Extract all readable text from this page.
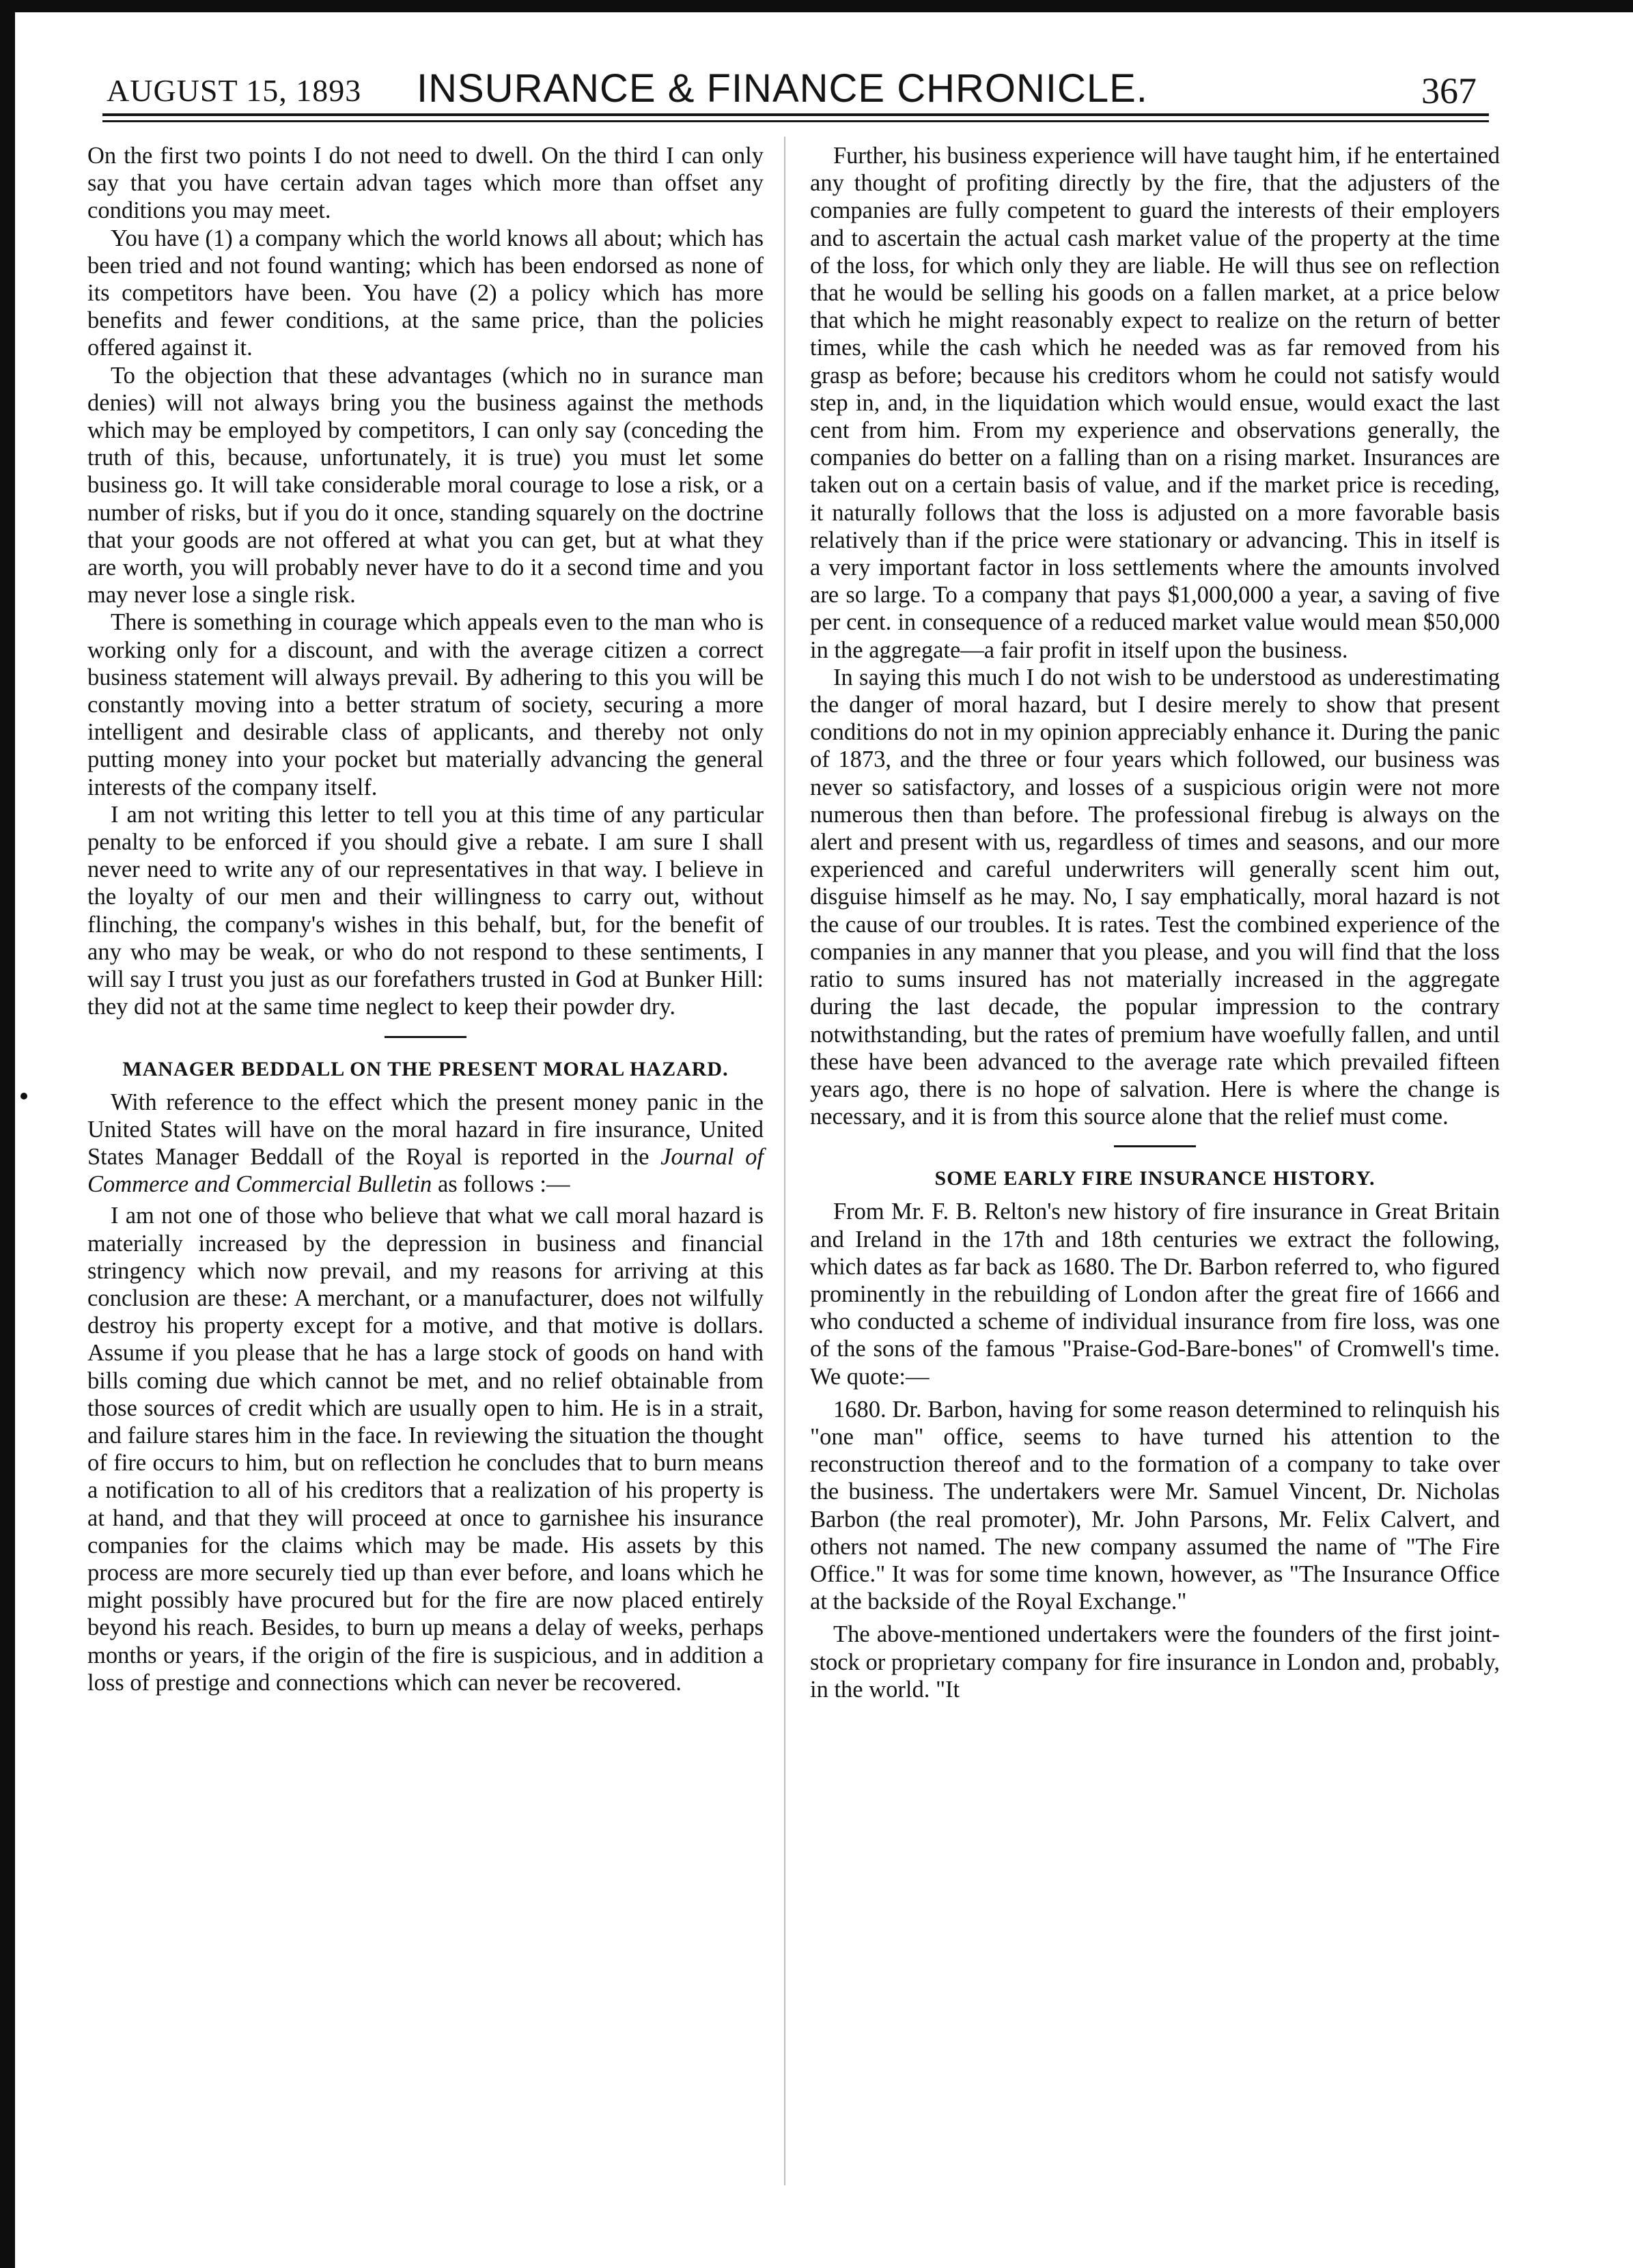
AUGUST 15, 1893 INSURANCE & FINANCE CHRONICLE.	367

On the first two points I do not need to dwell. On the third I can only say that you have certain advan tages which more than offset any conditions you may meet.

You have (1) a company which the world knows all about; which has been tried and not found wanting; which has been endorsed as none of its competitors have been. You have (2) a policy which has more benefits and fewer conditions, at the same price, than the policies offered against it.

To the objection that these advantages (which no in surance man denies) will not always bring you the business against the methods which may be employed by competitors, I can only say (conceding the truth of this, because, unfortunately, it is true) you must let some business go. It will take considerable moral courage to lose a risk, or a number of risks, but if you do it once, standing squarely on the doctrine that your goods are not offered at what you can get, but at what they are worth, you will probably never have to do it a second time and you may never lose a single risk.

There is something in courage which appeals even to the man who is working only for a discount, and with the average citizen a correct business statement will always prevail. By adhering to this you will be constantly moving into a better stratum of society, securing a more intelligent and desirable class of applicants, and thereby not only putting money into your pocket but materially advancing the general interests of the company itself.

I am not writing this letter to tell you at this time of any particular penalty to be enforced if you should give a rebate. I am sure I shall never need to write any of our representatives in that way. I believe in the loyalty of our men and their willingness to carry out, without flinching, the company's wishes in this behalf, but, for the benefit of any who may be weak, or who do not respond to these sentiments, I will say I trust you just as our forefathers trusted in God at Bunker Hill: they did not at the same time neglect to keep their powder dry.

MANAGER BEDDALL ON THE PRESENT MORAL HAZARD.

With reference to the effect which the present money panic in the United States will have on the moral hazard in fire insurance, United States Manager Beddall of the Royal is reported in the Journal of Commerce and Commercial Bulletin as follows :—

I am not one of those who believe that what we call moral hazard is materially increased by the depression in business and financial stringency which now prevail, and my reasons for arriving at this conclusion are these: A merchant, or a manufacturer, does not wilfully destroy his property except for a motive, and that motive is dollars. Assume if you please that he has a large stock of goods on hand with bills coming due which cannot be met, and no relief obtainable from those sources of credit which are usually open to him. He is in a strait, and failure stares him in the face. In reviewing the situation the thought of fire occurs to him, but on reflection he concludes that to burn means a notification to all of his creditors that a realization of his property is at hand, and that they will proceed at once to garnishee his insurance companies for the claims which may be made. His assets by this process are more securely tied up than ever before, and loans which he might possibly have procured but for the fire are now placed entirely beyond his reach. Besides, to burn up means a delay of weeks, perhaps months or years, if the origin of the fire is suspicious, and in addition a loss of prestige and connections which can never be recovered.

Further, his business experience will have taught him, if he entertained any thought of profiting directly by the fire, that the adjusters of the companies are fully competent to guard the interests of their employers and to ascertain the actual cash market value of the property at the time of the loss, for which only they are liable. He will thus see on reflection that he would be selling his goods on a fallen market, at a price below that which he might reasonably expect to realize on the return of better times, while the cash which he needed was as far removed from his grasp as before; because his creditors whom he could not satisfy would step in, and, in the liquidation which would ensue, would exact the last cent from him. From my experience and observations generally, the companies do better on a falling than on a rising market. Insurances are taken out on a certain basis of value, and if the market price is receding, it naturally follows that the loss is adjusted on a more favorable basis relatively than if the price were stationary or advancing. This in itself is a very important factor in loss settlements where the amounts involved are so large. To a company that pays $1,000,000 a year, a saving of five per cent. in consequence of a reduced market value would mean $50,000 in the aggregate—a fair profit in itself upon the business.

In saying this much I do not wish to be understood as underestimating the danger of moral hazard, but I desire merely to show that present conditions do not in my opinion appreciably enhance it. During the panic of 1873, and the three or four years which followed, our business was never so satisfactory, and losses of a suspicious origin were not more numerous then than before. The professional firebug is always on the alert and present with us, regardless of times and seasons, and our more experienced and careful underwriters will generally scent him out, disguise himself as he may. No, I say emphatically, moral hazard is not the cause of our troubles. It is rates. Test the combined experience of the companies in any manner that you please, and you will find that the loss ratio to sums insured has not materially increased in the aggregate during the last decade, the popular impression to the contrary notwithstanding, but the rates of premium have woefully fallen, and until these have been advanced to the average rate which prevailed fifteen years ago, there is no hope of salvation. Here is where the change is necessary, and it is from this source alone that the relief must come.

SOME EARLY FIRE INSURANCE HISTORY.

From Mr. F. B. Relton's new history of fire insurance in Great Britain and Ireland in the 17th and 18th centuries we extract the following, which dates as far back as 1680. The Dr. Barbon referred to, who figured prominently in the rebuilding of London after the great fire of 1666 and who conducted a scheme of individual insurance from fire loss, was one of the sons of the famous "Praise-God-Bare-bones" of Cromwell's time. We quote:—

1680. Dr. Barbon, having for some reason determined to relinquish his "one man" office, seems to have turned his attention to the reconstruction thereof and to the formation of a company to take over the business. The undertakers were Mr. Samuel Vincent, Dr. Nicholas Barbon (the real promoter), Mr. John Parsons, Mr. Felix Calvert, and others not named. The new company assumed the name of "The Fire Office." It was for some time known, however, as "The Insurance Office at the backside of the Royal Exchange."

The above-mentioned undertakers were the founders of the first joint-stock or proprietary company for fire insurance in London and, probably, in the world. "It
